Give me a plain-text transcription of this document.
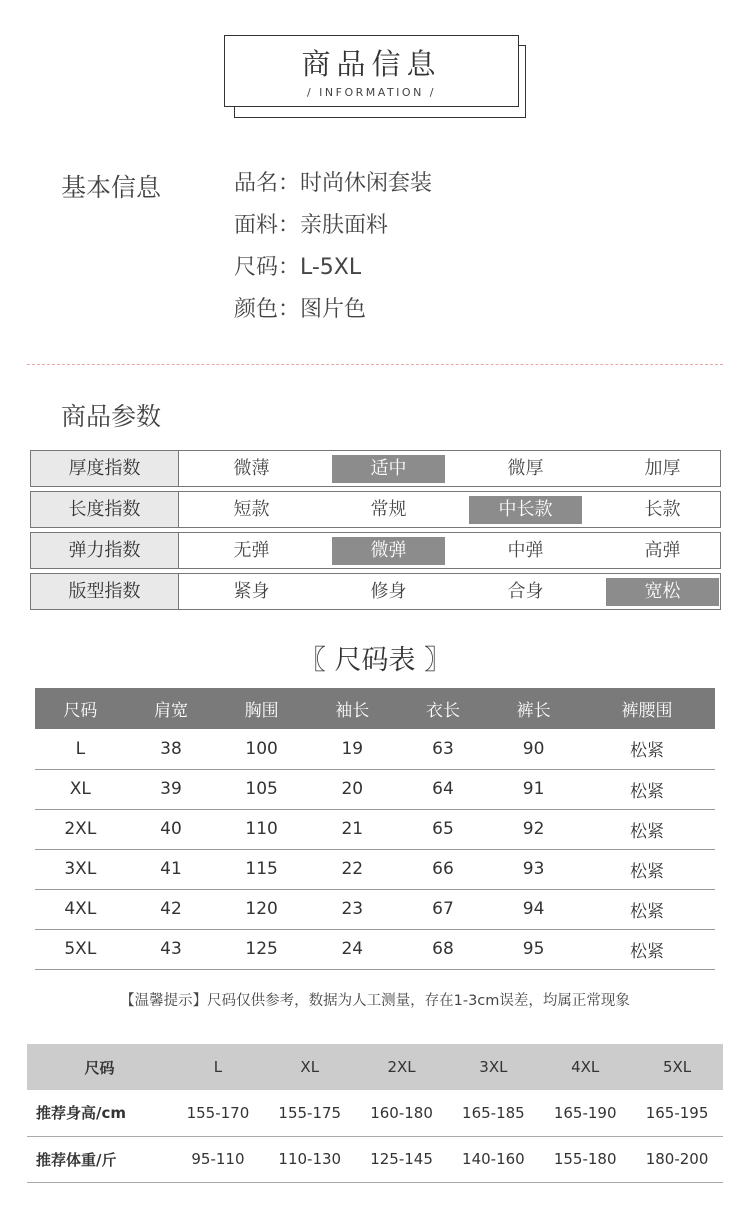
商品信息
/ INFORMATION /
基本信息	品名：时尚休闲套装
面料：亲肤面料
尺码：L-5XL
颜色：图片色
商品参数
厚度指数	微薄	适中	微厚	加厚
长度指数	短款	常规	中长款	长款
弹力指数	无弹	微弹	中弹	高弹
版型指数	紧身	修身	合身	宽松
〖 尺码表 〗
尺码	肩宽	胸围	袖长	衣长	裤长	裤腰围
L	38	100	19	63	90	松紧
XL	39	105	20	64	91	松紧
2XL	40	110	21	65	92	松紧
3XL	41	115	22	66	93	松紧
4XL	42	120	23	67	94	松紧
5XL	43	125	24	68	95	松紧
【温馨提示】尺码仅供参考，数据为人工测量，存在1-3cm误差，均属正常现象
尺码	L	XL	2XL	3XL	4XL	5XL
推荐身高/cm	155-170	155-175	160-180	165-185	165-190	165-195
推荐体重/斤	95-110	110-130	125-145	140-160	155-180	180-200
